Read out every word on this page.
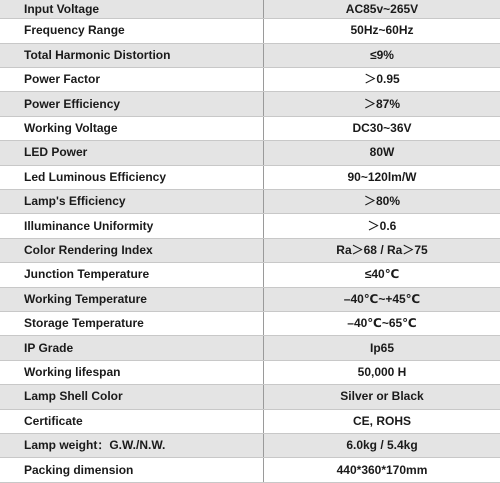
Input Voltage	AC85v~265V
Frequency Range	50Hz~60Hz
Total Harmonic Distortion	≤9%
Power Factor	＞0.95
Power Efficiency	＞87%
Working Voltage	DC30~36V
LED Power	80W
Led Luminous Efficiency	90~120lm/W
Lamp's Efficiency	＞80%
Illuminance Uniformity	＞0.6
Color Rendering Index	Ra＞68 / Ra＞75
Junction Temperature	≤40℃
Working Temperature	–40℃~+45℃
Storage Temperature	–40℃~65℃
IP Grade	Ip65
Working lifespan	50,000 H
Lamp Shell Color	Silver or Black
Certificate	CE, ROHS
Lamp weight：G.W./N.W.	6.0kg / 5.4kg
Packing dimension	440*360*170mm
